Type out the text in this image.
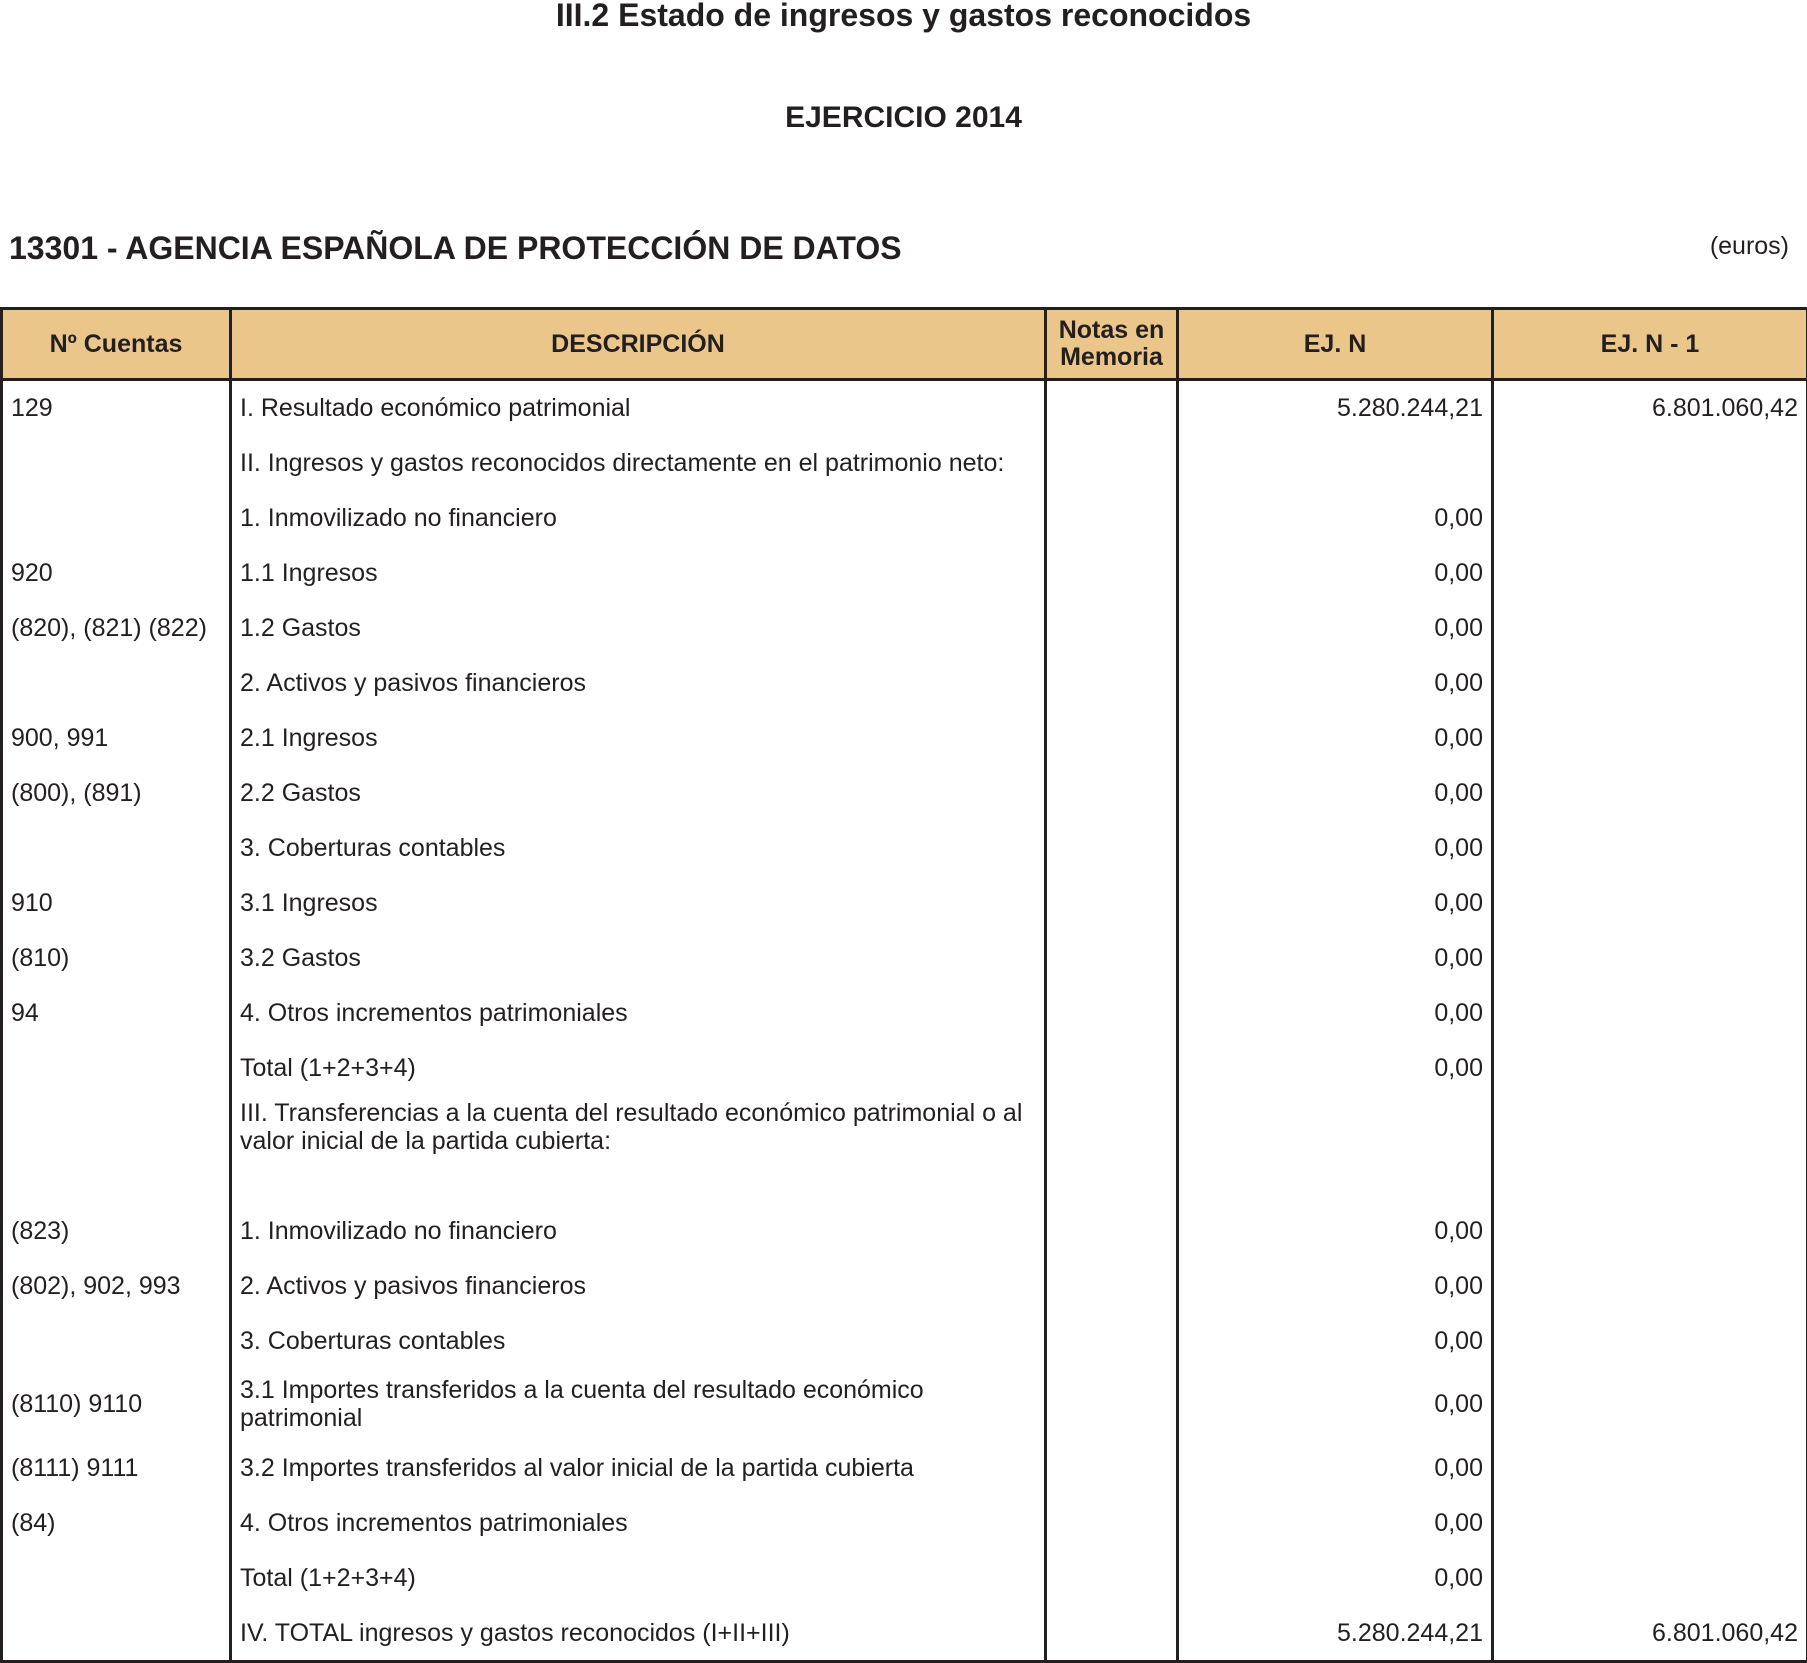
III.2 Estado de ingresos y gastos reconocidos
EJERCICIO 2014
13301 - AGENCIA ESPAÑOLA DE PROTECCIÓN DE DATOS	(euros)
Nº Cuentas	DESCRIPCIÓN	Notas en Memoria	EJ. N	EJ. N - 1
129	I. Resultado económico patrimonial		5.280.244,21	6.801.060,42
	II. Ingresos y gastos reconocidos directamente en el patrimonio neto:			
	1. Inmovilizado no financiero		0,00	
920	1.1 Ingresos		0,00	
(820), (821) (822)	1.2 Gastos		0,00	
	2. Activos y pasivos financieros		0,00	
900, 991	2.1 Ingresos		0,00	
(800), (891)	2.2 Gastos		0,00	
	3. Coberturas contables		0,00	
910	3.1 Ingresos		0,00	
(810)	3.2 Gastos		0,00	
94	4. Otros incrementos patrimoniales		0,00	
	Total (1+2+3+4)		0,00	
	III. Transferencias a la cuenta del resultado económico patrimonial o al valor inicial de la partida cubierta:			
(823)	1. Inmovilizado no financiero		0,00	
(802), 902, 993	2. Activos y pasivos financieros		0,00	
	3. Coberturas contables		0,00	
(8110) 9110	3.1 Importes transferidos a la cuenta del resultado económico patrimonial		0,00	
(8111) 9111	3.2 Importes transferidos al valor inicial de la partida cubierta		0,00	
(84)	4. Otros incrementos patrimoniales		0,00	
	Total (1+2+3+4)		0,00	
	IV. TOTAL ingresos y gastos reconocidos (I+II+III)		5.280.244,21	6.801.060,42
